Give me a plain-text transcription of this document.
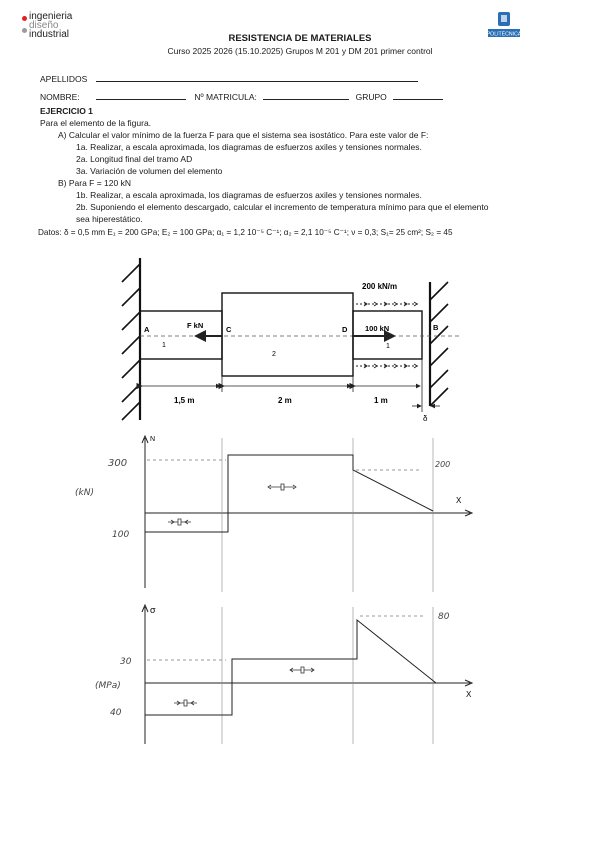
ingenieria
diseño
industrial	POLITÉCNICA
RESISTENCIA DE MATERIALES
Curso 2025 2026 (15.10.2025) Grupos M 201 y DM 201 primer control
APELLIDOS
NOMBRE:	Nº MATRICULA:	GRUPO
EJERCICIO 1
Para el elemento de la figura.
A) Calcular el valor mínimo de la fuerza F para que el sistema sea isostático. Para este valor de F:
1a. Realizar, a escala aproximada, los diagramas de esfuerzos axiles y tensiones normales.
2a. Longitud final del tramo AD
3a. Variación de volumen del elemento
B) Para F = 120 kN
1b. Realizar, a escala aproximada, los diagramas de esfuerzos axiles y tensiones normales.
2b. Suponiendo el elemento descargado, calcular el incremento de temperatura mínimo para que el elemento
sea hiperestático.
Datos: δ = 0,5 mm E₁ = 200 GPa; E₂ = 100 GPa; α₁ = 1,2 10⁻⁵ C⁻¹; α₂ = 2,1 10⁻⁵ C⁻¹; ν = 0,3; S₁= 25 cm²; S₂ = 45
200 kN/m
F kN	100 kN
A	C	D	B
1
2
1
1,5 m	2 m	1 m
δ
N
X
300	200
100
(kN)
σ
X
80
30
40
(MPa)
